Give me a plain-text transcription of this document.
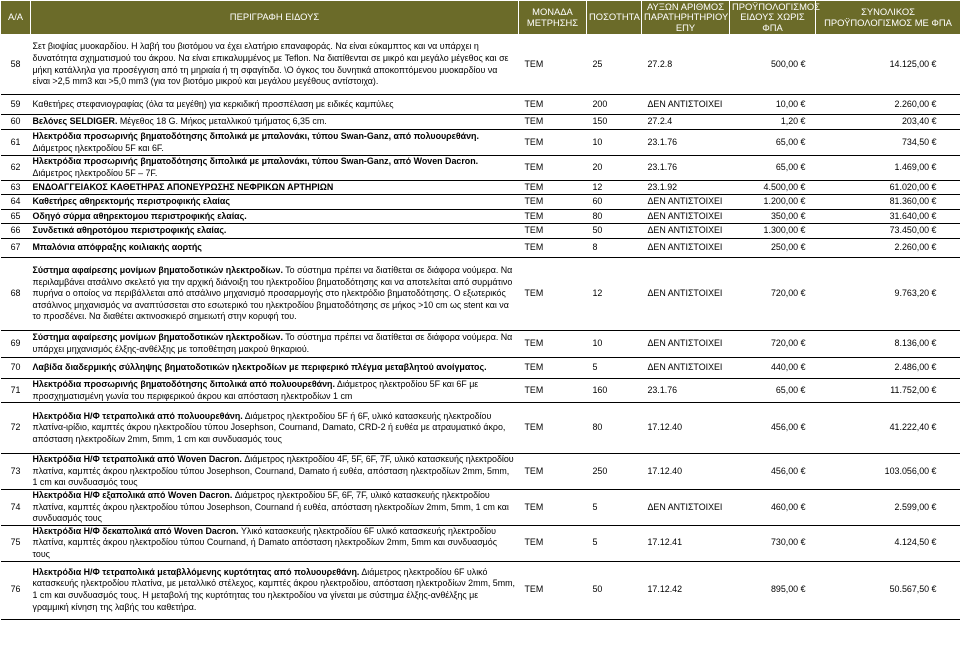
Α/Α	ΠΕΡΙΓΡΑΦΗ ΕΙΔΟΥΣ	ΜΟΝΑΔΑ ΜΕΤΡΗΣΗΣ	ΠΟΣΟΤΗΤΑ	ΑΥΞΩΝ ΑΡΙΘΜΟΣ ΠΑΡΑΤΗΡΗΤΗΡΙΟΥ ΕΠΥ	ΠΡΟΫΠΟΛΟΓΙΣΜΟΣ ΕΙΔΟΥΣ ΧΩΡΙΣ ΦΠΑ	ΣΥΝΟΛΙΚΟΣ ΠΡΟΫΠΟΛΟΓΙΣΜΟΣ ΜΕ ΦΠΑ
58	Σετ βιοψίας μυοκαρδίου. Η λαβή του βιοτόμου να έχει ελατήριο επαναφοράς. Να είναι εύκαμπτος και να υπάρχει η δυνατότητα σχηματισμού του άκρου. Να είναι επικαλυμμένος με Teflon. Να διατίθενται σε μικρό και μεγάλο μέγεθος και σε μήκη κατάλληλα για προσέγγιση από τη μηριαία ή τη σφαγίτιδα. \Ο όγκος του δυνητικά αποκοπτόμενου μυοκαρδίου να είναι >2,5 mm3 και >5,0 mm3 (για τον βιοτόμο μικρού και μεγάλου μεγέθους αντίστοιχα).	ΤΕΜ	25	27.2.8	500,00 €	14.125,00 €
59	Καθετήρες στεφανιογραφίας (όλα τα μεγέθη) για κερκιδική προσπέλαση με ειδικές καμπύλες	ΤΕΜ	200	ΔΕΝ ΑΝΤΙΣΤΟΙΧΕΙ	10,00 €	2.260,00 €
60	Βελόνες SELDIGER. Μέγεθος 18 G. Μήκος μεταλλικού τμήματος 6,35 cm.	ΤΕΜ	150	27.2.4	1,20 €	203,40 €
61	Ηλεκτρόδια προσωρινής βηματοδότησης διπολικά με μπαλονάκι, τύπου Swan-Ganz, από πολυουρεθάνη. Διάμετρος ηλεκτροδίου 5F και 6F.	ΤΕΜ	10	23.1.76	65,00 €	734,50 €
62	Ηλεκτρόδια προσωρινής βηματοδότησης διπολικά με μπαλονάκι, τύπου Swan-Ganz, από Woven Dacron. Διάμετρος ηλεκτροδίου 5F – 7F.	ΤΕΜ	20	23.1.76	65,00 €	1.469,00 €
63	ΕΝΔΟΑΓΓΕΙΑΚΟΣ ΚΑΘΕΤΗΡΑΣ ΑΠΟΝΕΥΡΩΣΗΣ ΝΕΦΡΙΚΩΝ ΑΡΤΗΡΙΩΝ	ΤΕΜ	12	23.1.92	4.500,00 €	61.020,00 €
64	Καθετήρες αθηρεκτομής περιστροφικής ελαίας	ΤΕΜ	60	ΔΕΝ ΑΝΤΙΣΤΟΙΧΕΙ	1.200,00 €	81.360,00 €
65	Οδηγό σύρμα αθηρεκτομου περιστροφικής ελαίας.	ΤΕΜ	80	ΔΕΝ ΑΝΤΙΣΤΟΙΧΕΙ	350,00 €	31.640,00 €
66	Συνδετικά αθηροτόμου περιστροφικής ελαίας.	ΤΕΜ	50	ΔΕΝ ΑΝΤΙΣΤΟΙΧΕΙ	1.300,00 €	73.450,00 €
67	Μπαλόνια απόφραξης κοιλιακής αορτής	ΤΕΜ	8	ΔΕΝ ΑΝΤΙΣΤΟΙΧΕΙ	250,00 €	2.260,00 €
68	Σύστημα αφαίρεσης μονίμων βηματοδοτικών ηλεκτροδίων. Το σύστημα πρέπει να διατίθεται σε διάφορα νούμερα. Να περιλαμβάνει ατσάλινο σκελετό για την αρχική διάνοιξη του ηλεκτροδίου βηματοδότησης και να αποτελείται από συρμάτινο πυρήνα ο οποίος να περιβάλλεται από ατσάλινο μηχανισμό προσαρμογής στο ηλεκτρόδιο βηματοδότησης. Ο εξωτερικός ατσάλινος μηχανισμός να αναπτύσσεται στο εσωτερικό του ηλεκτροδίου βηματοδότησης σε μήκος >10 cm ως stent και να το προσδένει. Να διαθέτει ακτινοσκιερό σημειωτή στην κορυφή του.	ΤΕΜ	12	ΔΕΝ ΑΝΤΙΣΤΟΙΧΕΙ	720,00 €	9.763,20 €
69	Σύστημα αφαίρεσης μονίμων βηματοδοτικών ηλεκτροδίων. Το σύστημα πρέπει να διατίθεται σε διάφορα νούμερα. Να υπάρχει μηχανισμός έλξης-ανθέλξης με τοποθέτηση μακρού θηκαριού.	ΤΕΜ	10	ΔΕΝ ΑΝΤΙΣΤΟΙΧΕΙ	720,00 €	8.136,00 €
70	Λαβίδα διαδερμικής σύλληψης βηματοδοτικών ηλεκτροδίων με περιφερικό πλέγμα μεταβλητού ανοίγματος.	ΤΕΜ	5	ΔΕΝ ΑΝΤΙΣΤΟΙΧΕΙ	440,00 €	2.486,00 €
71	Ηλεκτρόδια προσωρινής βηματοδότησης διπολικά από πολυουρεθάνη. Διάμετρος ηλεκτροδίου 5F και 6F με προσχηματισμένη γωνία του περιφερικού άκρου και απόσταση ηλεκτροδίων 1 cm	ΤΕΜ	160	23.1.76	65,00 €	11.752,00 €
72	Ηλεκτρόδια Η/Φ τετραπολικά από πολυουρεθάνη. Διάμετρος ηλεκτροδίου 5F ή 6F, υλικό κατασκευής ηλεκτροδίου πλατίνα-ιρίδιο, καμπτές άκρου ηλεκτροδίου τύπου Josephson, Cournand, Damato, CRD-2 ή ευθέα με ατραυματικό άκρο, απόσταση ηλεκτροδίων 2mm, 5mm, 1 cm και συνδυασμός τους	ΤΕΜ	80	17.12.40	456,00 €	41.222,40 €
73	Ηλεκτρόδια Η/Φ τετραπολικά από Woven Dacron. Διάμετρος ηλεκτροδίου 4F, 5F, 6F, 7F, υλικό κατασκευής ηλεκτροδίου πλατίνα, καμπτές άκρου ηλεκτροδίου τύπου Josephson, Cournand, Damato ή ευθέα, απόσταση ηλεκτροδίων 2mm, 5mm, 1 cm και συνδυασμός τους	ΤΕΜ	250	17.12.40	456,00 €	103.056,00 €
74	Ηλεκτρόδια Η/Φ εξαπολικά από Woven Dacron. Διάμετρος ηλεκτροδίου 5F, 6F, 7F, υλικό κατασκευής ηλεκτροδίου πλατίνα, καμπτές άκρου ηλεκτροδίου τύπου Josephson, Cournand ή ευθέα, απόσταση ηλεκτροδίων 2mm, 5mm, 1 cm και συνδυασμός τους	ΤΕΜ	5	ΔΕΝ ΑΝΤΙΣΤΟΙΧΕΙ	460,00 €	2.599,00 €
75	Ηλεκτρόδια Η/Φ δεκαπολικά από Woven Dacron. Υλικό κατασκευής ηλεκτροδίου 6F υλικό κατασκευής ηλεκτροδίου πλατίνα, καμπτές άκρου ηλεκτροδίου τύπου Cournand, ή Damato απόσταση ηλεκτροδίων 2mm, 5mm και συνδυασμός τους	ΤΕΜ	5	17.12.41	730,00 €	4.124,50 €
76	Ηλεκτρόδια Η/Φ τετραπολικά μεταβλλόμενης κυρτότητας από πολυουρεθάνη. Διάμετρος ηλεκτροδίου 6F υλικό κατασκευής ηλεκτροδίου πλατίνα, με μεταλλικό στέλεχος, καμπτές άκρου ηλεκτροδίου, απόσταση ηλεκτροδίων 2mm, 5mm, 1 cm και συνδυασμός τους. Η μεταβολή της κυρτότητας του ηλεκτροδίου να γίνεται με σύστημα έλξης-ανθέλξης με γραμμική κίνηση της λαβής του καθετήρα.	ΤΕΜ	50	17.12.42	895,00 €	50.567,50 €
